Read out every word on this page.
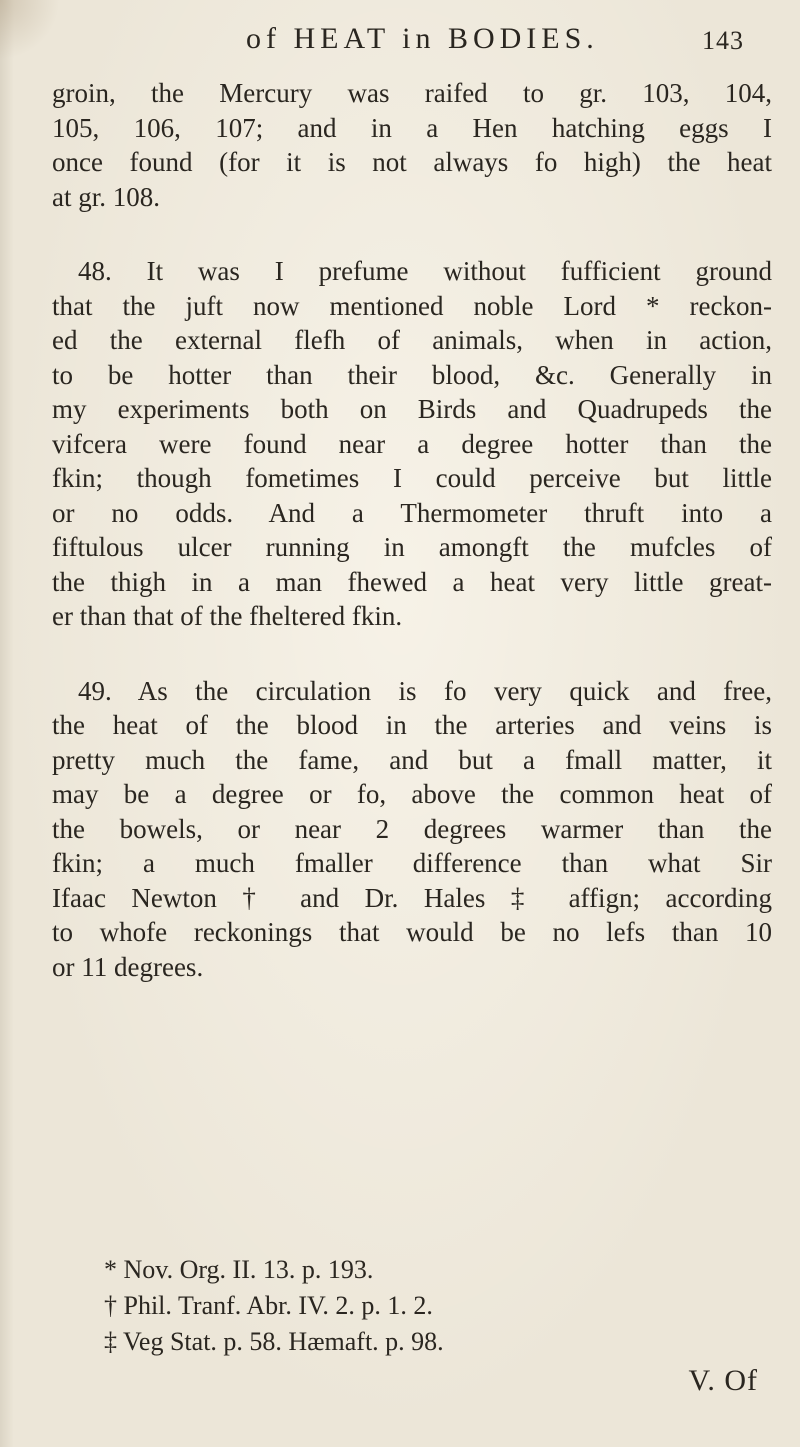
of HEAT in BODIES.	143
groin, the Mercury was raifed to gr. 103, 104,
105, 106, 107; and in a Hen hatching eggs I
once found (for it is not always fo high) the heat
at gr. 108.
48. It was I prefume without fufficient ground
that the juft now mentioned noble Lord * reckon-
ed the external flefh of animals, when in action,
to be hotter than their blood, &c. Generally in
my experiments both on Birds and Quadrupeds the
vifcera were found near a degree hotter than the
fkin; though fometimes I could perceive but little
or no odds. And a Thermometer thruft into a
fiftulous ulcer running in amongft the mufcles of
the thigh in a man fhewed a heat very little great-
er than that of the fheltered fkin.
49. As the circulation is fo very quick and free,
the heat of the blood in the arteries and veins is
pretty much the fame, and but a fmall matter, it
may be a degree or fo, above the common heat of
the bowels, or near 2 degrees warmer than the
fkin; a much fmaller difference than what Sir
Ifaac Newton † and Dr. Hales ‡ affign; according
to whofe reckonings that would be no lefs than 10
or 11 degrees.
* Nov. Org. II. 13. p. 193.
† Phil. Tranf. Abr. IV. 2. p. 1. 2.
‡ Veg Stat. p. 58. Hæmaft. p. 98.
V. Of
